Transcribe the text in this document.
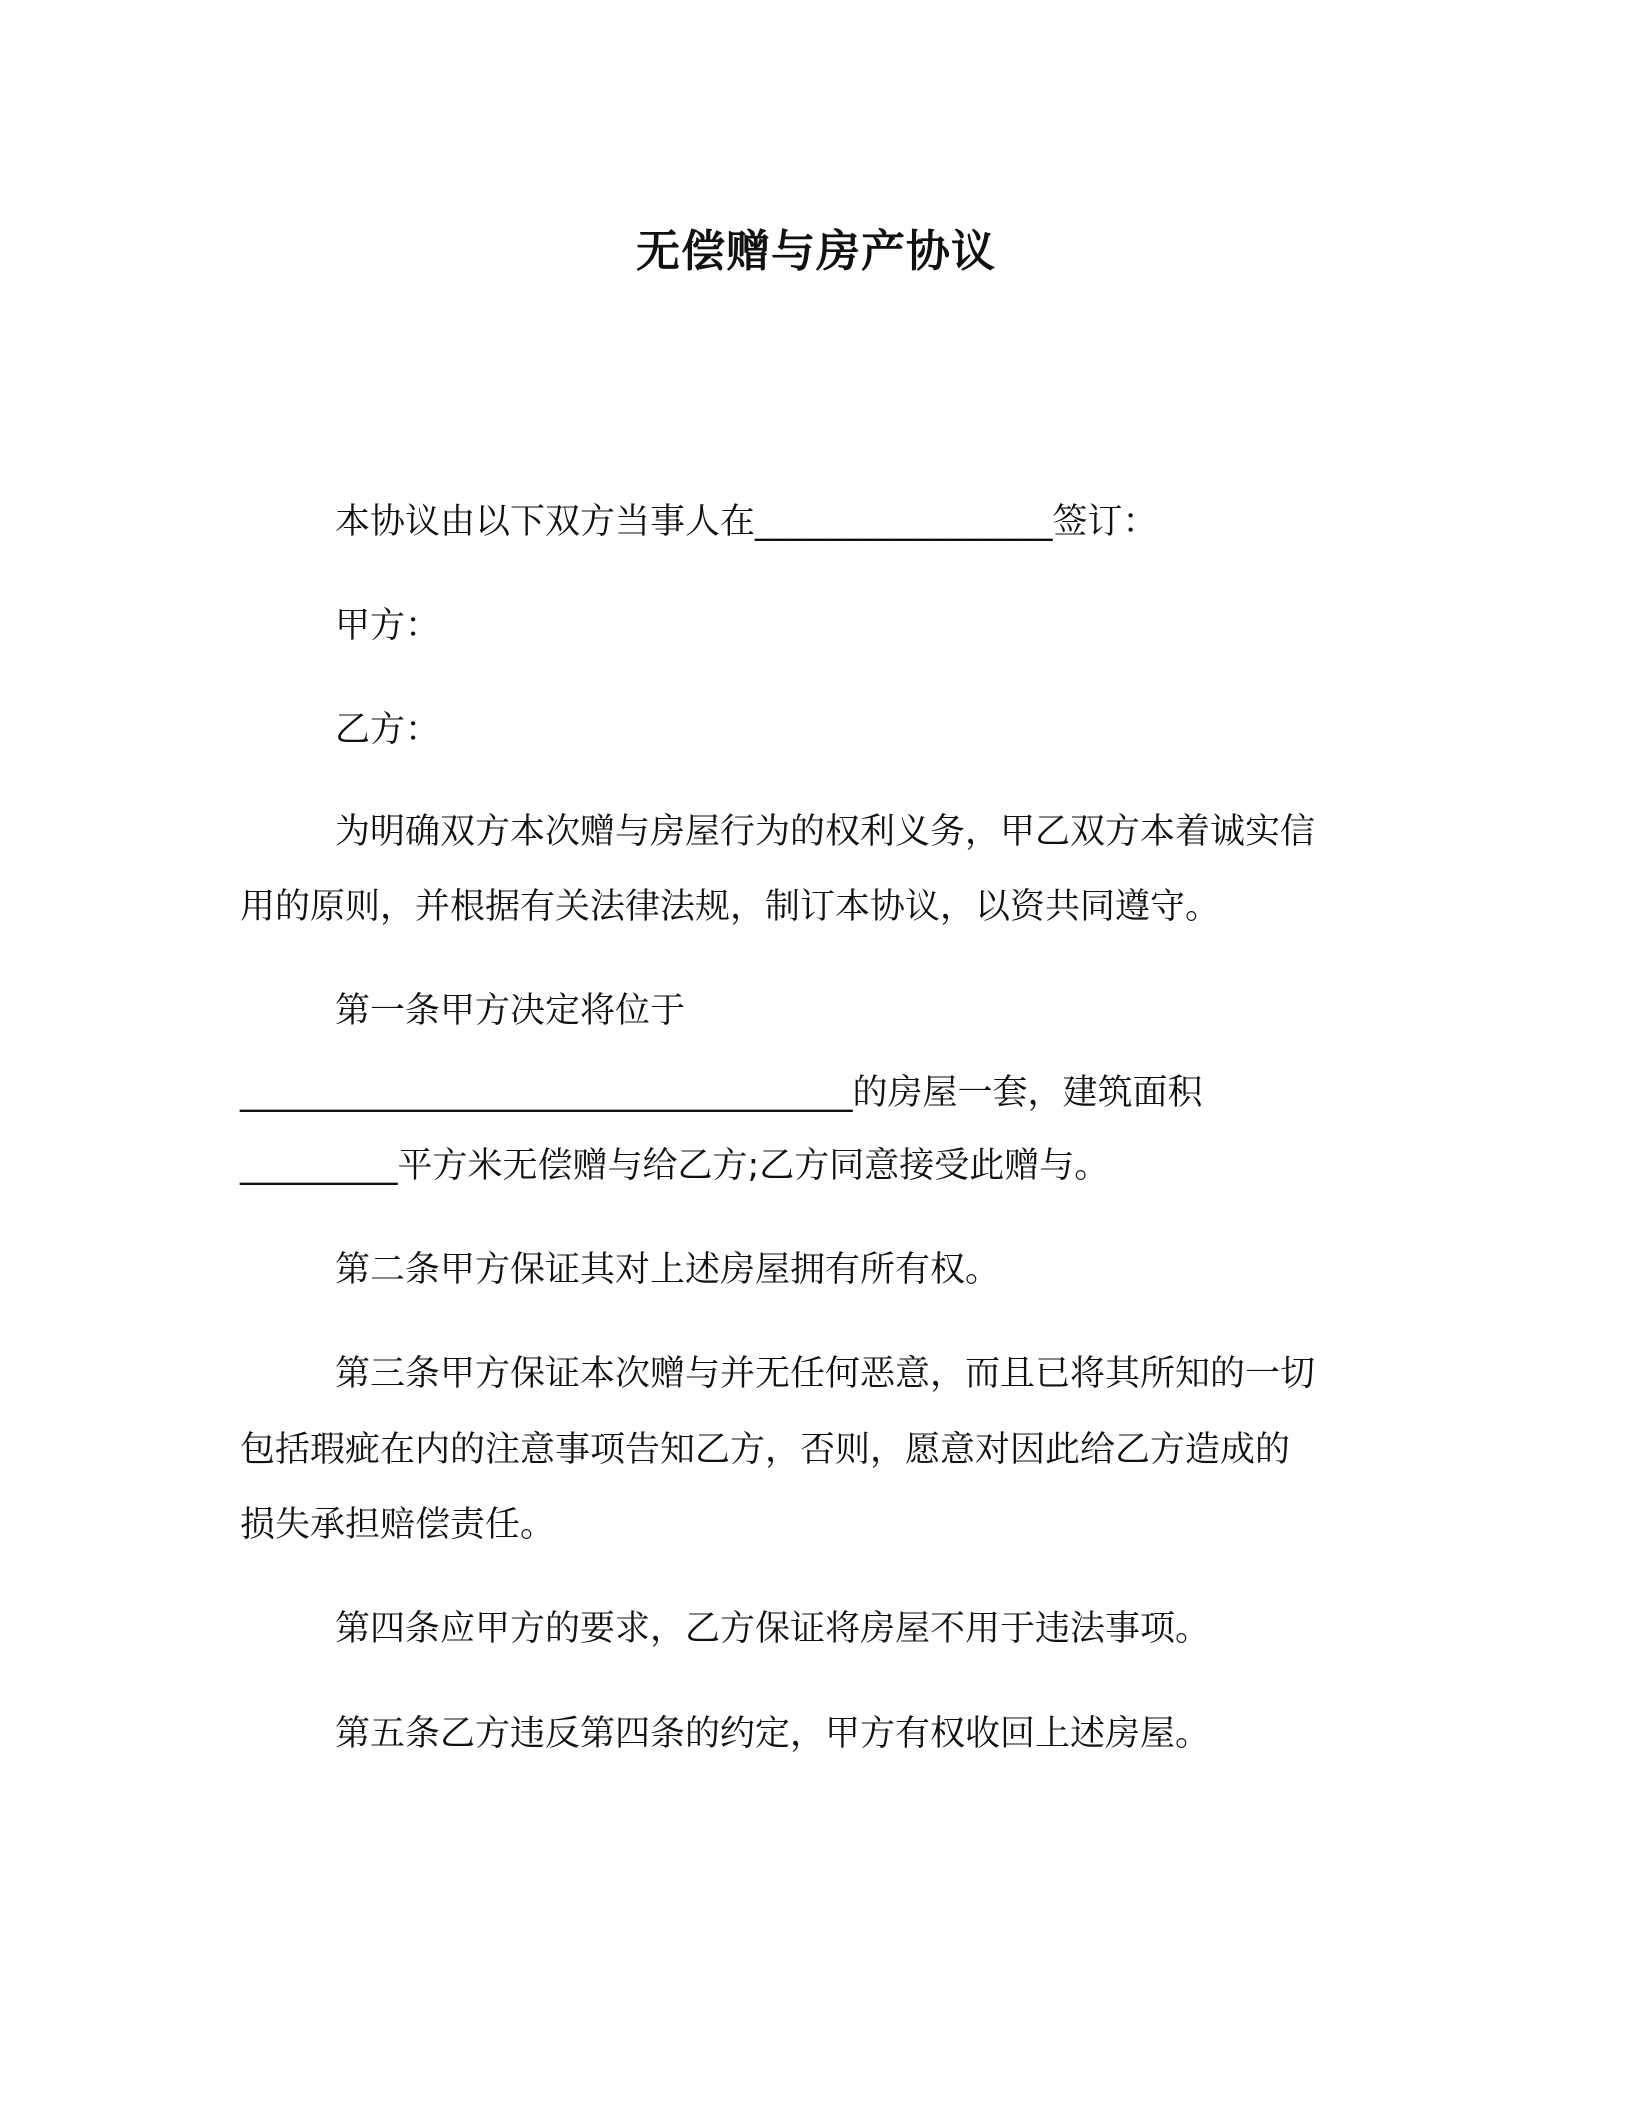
无偿赠与房产协议
本协议由以下双方当事人在_________________签订：
甲方：
乙方：
为明确双方本次赠与房屋行为的权利义务，甲乙双方本着诚实信
用的原则，并根据有关法律法规，制订本协议，以资共同遵守。
第一条甲方决定将位于
___________________________________的房屋一套，建筑面积
_________平方米无偿赠与给乙方;乙方同意接受此赠与。
第二条甲方保证其对上述房屋拥有所有权。
第三条甲方保证本次赠与并无任何恶意，而且已将其所知的一切
包括瑕疵在内的注意事项告知乙方，否则，愿意对因此给乙方造成的
损失承担赔偿责任。
第四条应甲方的要求，乙方保证将房屋不用于违法事项。
第五条乙方违反第四条的约定，甲方有权收回上述房屋。
